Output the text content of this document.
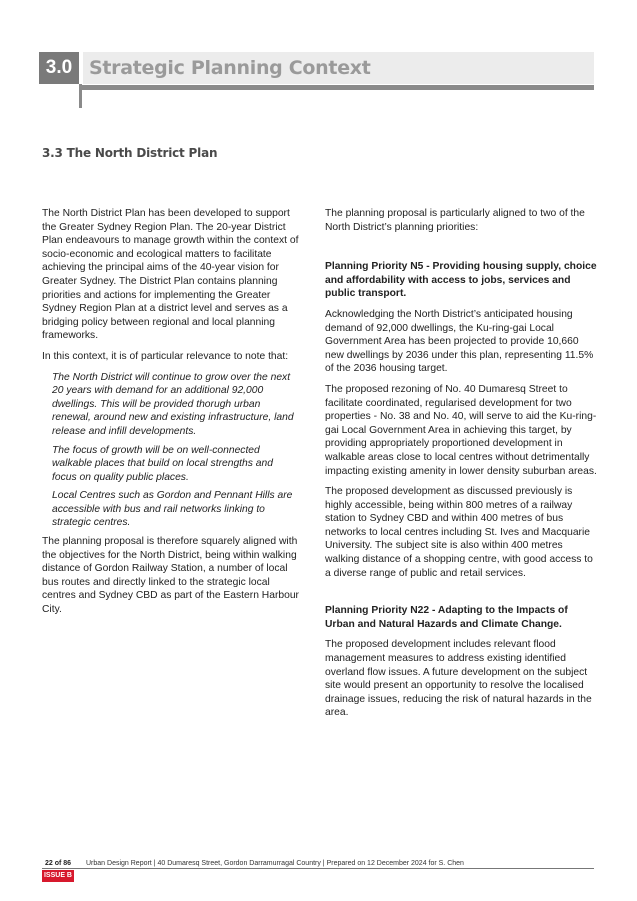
3.0 Strategic Planning Context
3.3 The North District Plan

The North District Plan has been developed to support the Greater Sydney Region Plan. The 20-year District Plan endeavours to manage growth within the context of socio-economic and ecological matters to facilitate achieving the principal aims of the 40-year vision for Greater Sydney. The District Plan contains planning priorities and actions for implementing the Greater Sydney Region Plan at a district level and serves as a bridging policy between regional and local planning frameworks.

In this context, it is of particular relevance to note that:

The North District will continue to grow over the next 20 years with demand for an additional 92,000 dwellings. This will be provided thorugh urban renewal, around new and existing infrastructure, land release and infill developments.

The focus of growth will be on well-connected walkable places that build on local strengths and focus on quality public places.

Local Centres such as Gordon and Pennant Hills are accessible with bus and rail networks linking to strategic centres.

The planning proposal is therefore squarely aligned with the objectives for the North District, being within walking distance of Gordon Railway Station, a number of local bus routes and directly linked to the strategic local centres and Sydney CBD as part of the Eastern Harbour City.

The planning proposal is particularly aligned to two of the North District’s planning priorities:

Planning Priority N5 - Providing housing supply, choice and affordability with access to jobs, services and public transport.

Acknowledging the North District’s anticipated housing demand of 92,000 dwellings, the Ku-ring-gai Local Government Area has been projected to provide 10,660 new dwellings by 2036 under this plan, representing 11.5% of the 2036 housing target.

The proposed rezoning of No. 40 Dumaresq Street to facilitate coordinated, regularised development for two properties - No. 38 and No. 40, will serve to aid the Ku-ring-gai Local Government Area in achieving this target, by providing appropriately proportioned development in walkable areas close to local centres without detrimentally impacting existing amenity in lower density suburban areas.

The proposed development as discussed previously is highly accessible, being within 800 metres of a railway station to Sydney CBD and within 400 metres of bus networks to local centres including St. Ives and Macquarie University. The subject site is also within 400 metres walking distance of a shopping centre, with good access to a diverse range of public and retail services.

Planning Priority N22 - Adapting to the Impacts of Urban and Natural Hazards and Climate Change.

The proposed development includes relevant flood management measures to address existing identified overland flow issues. A future development on the subject site would present an opportunity to resolve the localised drainage issues, reducing the risk of natural hazards in the area.

22 of 86 Urban Design Report | 40 Dumaresq Street, Gordon Darramurragal Country | Prepared on 12 December 2024 for S. Chen
ISSUE B
